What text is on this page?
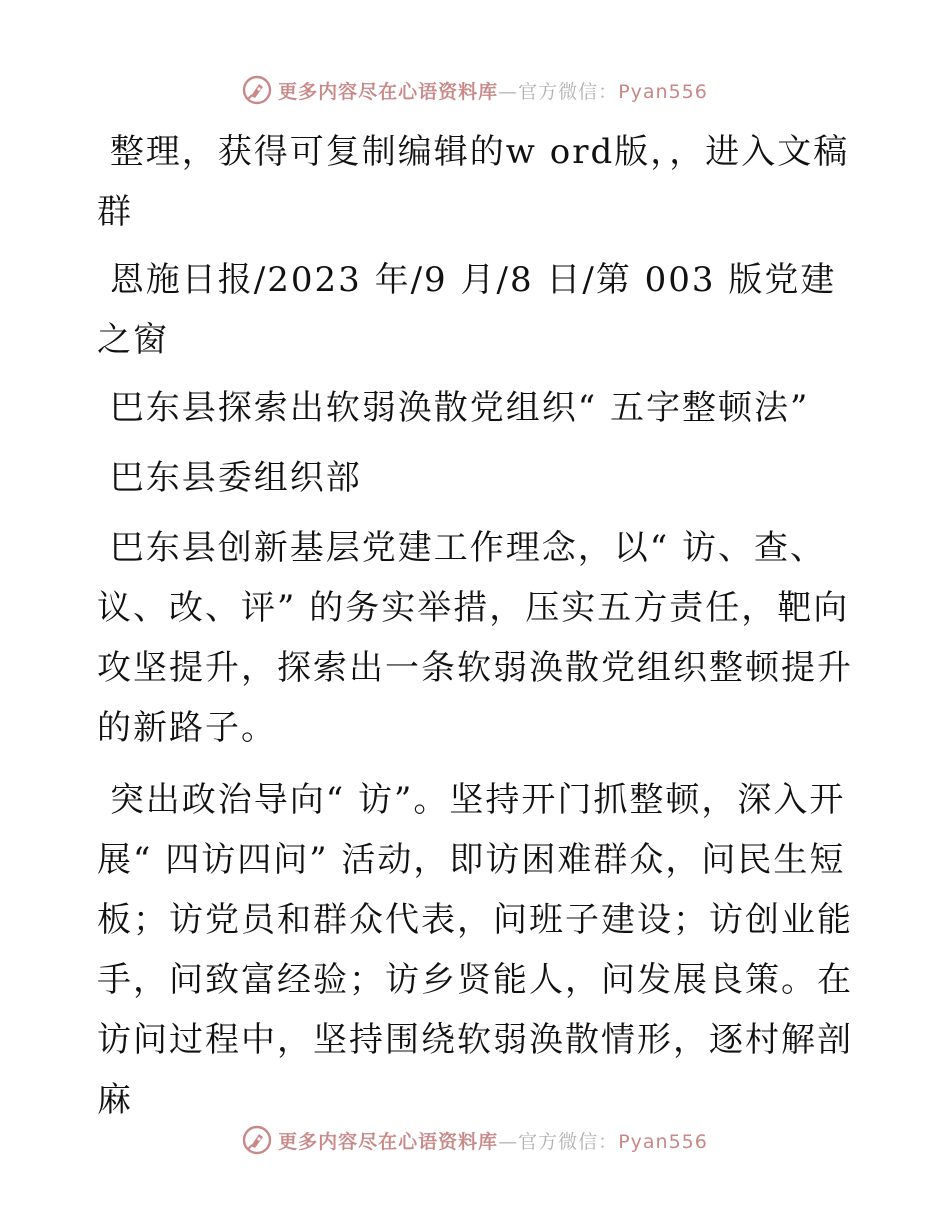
更多内容尽在心语资料库—官方微信：Pyan556

整理，获得可复制编辑的w ord版，，进入文稿群

恩施日报/2023 年/9 月/8 日/第 003 版党建之窗

巴东县探索出软弱涣散党组织“ 五字整顿法”

巴东县委组织部

巴东县创新基层党建工作理念，以“ 访、查、议、改、评” 的务实举措，压实五方责任，靶向攻坚提升，探索出一条软弱涣散党组织整顿提升的新路子。

突出政治导向“ 访”。坚持开门抓整顿，深入开展“ 四访四问” 活动，即访困难群众，问民生短板；访党员和群众代表，问班子建设；访创业能手，问致富经验；访乡贤能人，问发展良策。在访问过程中，坚持围绕软弱涣散情形，逐村解剖麻

更多内容尽在心语资料库—官方微信：Pyan556
